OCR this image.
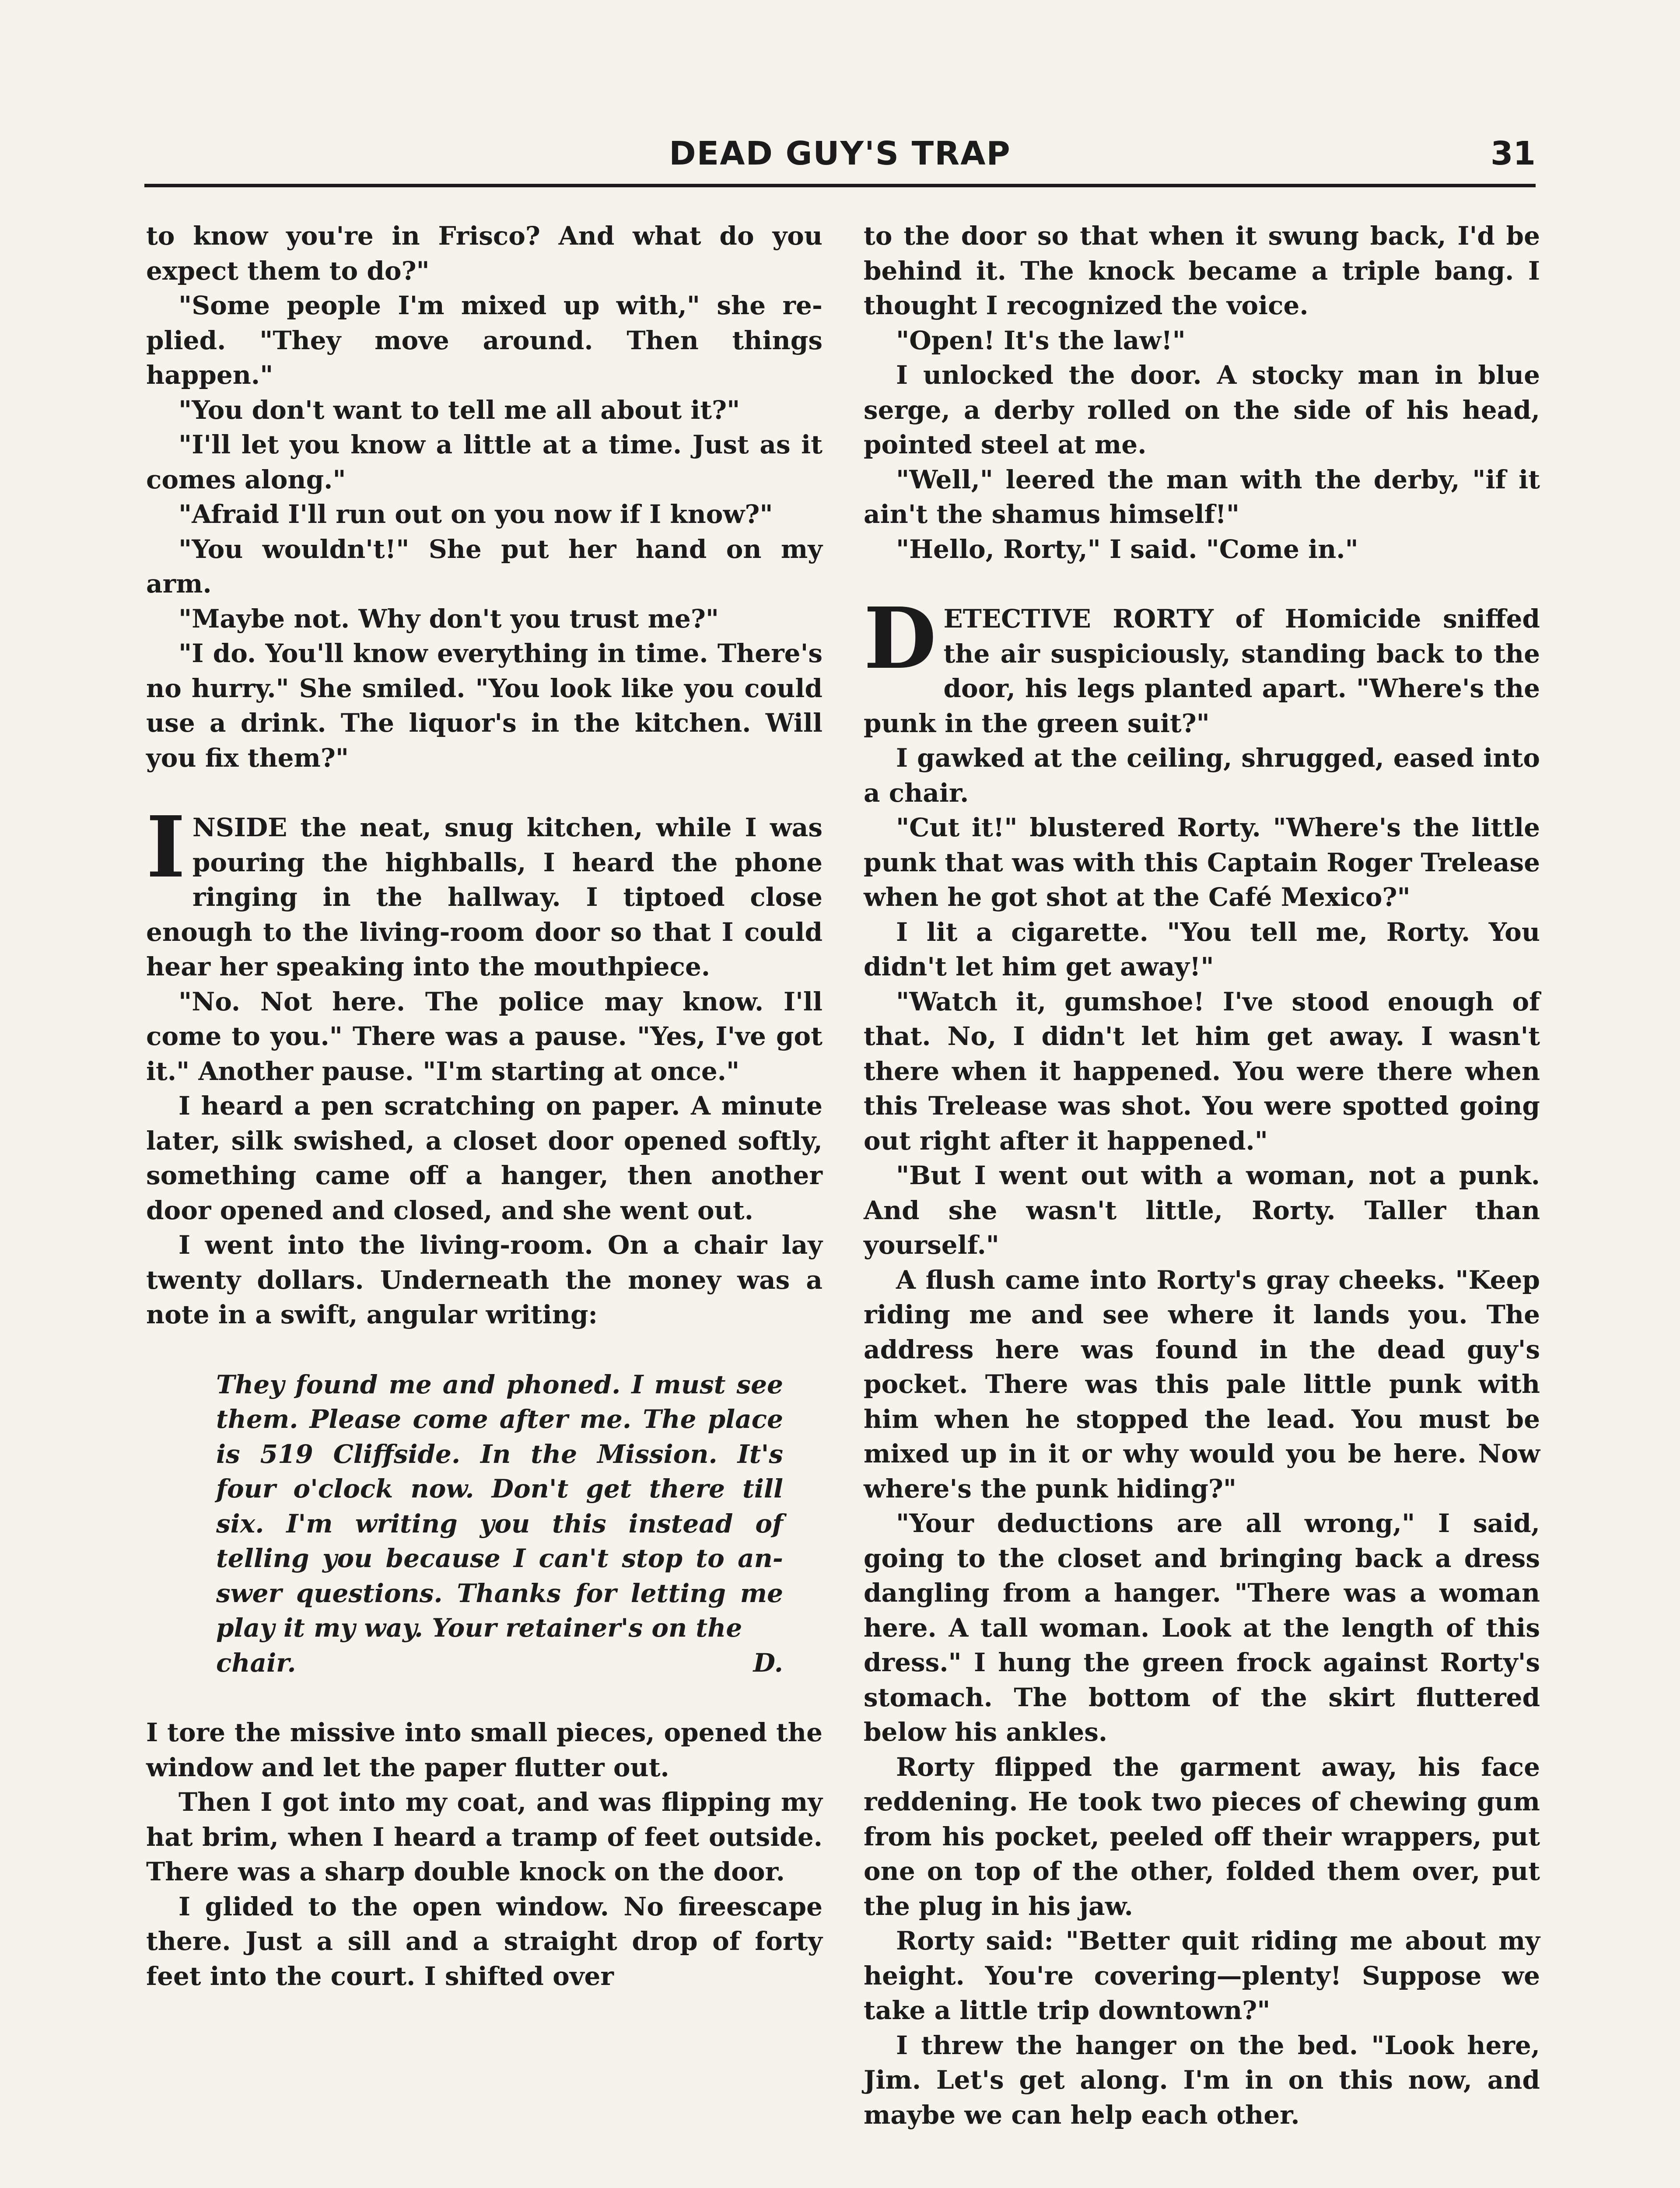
DEAD GUY'S TRAP	31

to know you're in Frisco? And what do you expect them to do?"

"Some people I'm mixed up with," she replied. "They move around. Then things happen."

"You don't want to tell me all about it?"

"I'll let you know a little at a time. Just as it comes along."

"Afraid I'll run out on you now if I know?"

"You wouldn't!" She put her hand on my arm.

"Maybe not. Why don't you trust me?"

"I do. You'll know everything in time. There's no hurry." She smiled. "You look like you could use a drink. The liquor's in the kitchen. Will you fix them?"

INSIDE the neat, snug kitchen, while I was pouring the highballs, I heard the phone ringing in the hallway. I tiptoed close enough to the living-room door so that I could hear her speaking into the mouthpiece.

"No. Not here. The police may know. I'll come to you." There was a pause. "Yes, I've got it." Another pause. "I'm starting at once."

I heard a pen scratching on paper. A minute later, silk swished, a closet door opened softly, something came off a hanger, then another door opened and closed, and she went out.

I went into the living-room. On a chair lay twenty dollars. Underneath the money was a note in a swift, angular writing:

They found me and phoned. I must see them. Please come after me. The place is 519 Cliffside. In the Mission. It's four o'clock now. Don't get there till six. I'm writing you this instead of telling you because I can't stop to answer questions. Thanks for letting me play it my way. Your retainer's on the
chair.	D.

I tore the missive into small pieces, opened the window and let the paper flutter out.

Then I got into my coat, and was flipping my hat brim, when I heard a tramp of feet outside. There was a sharp double knock on the door.

I glided to the open window. No fireescape there. Just a sill and a straight drop of forty feet into the court. I shifted over

to the door so that when it swung back, I'd be behind it. The knock became a triple bang. I thought I recognized the voice.

"Open! It's the law!"

I unlocked the door. A stocky man in blue serge, a derby rolled on the side of his head, pointed steel at me.

"Well," leered the man with the derby, "if it ain't the shamus himself!"

"Hello, Rorty," I said. "Come in."

DETECTIVE RORTY of Homicide sniffed the air suspiciously, standing back to the door, his legs planted apart. "Where's the punk in the green suit?"

I gawked at the ceiling, shrugged, eased into a chair.

"Cut it!" blustered Rorty. "Where's the little punk that was with this Captain Roger Trelease when he got shot at the Café Mexico?"

I lit a cigarette. "You tell me, Rorty. You didn't let him get away!"

"Watch it, gumshoe! I've stood enough of that. No, I didn't let him get away. I wasn't there when it happened. You were there when this Trelease was shot. You were spotted going out right after it happened."

"But I went out with a woman, not a punk. And she wasn't little, Rorty. Taller than yourself."

A flush came into Rorty's gray cheeks. "Keep riding me and see where it lands you. The address here was found in the dead guy's pocket. There was this pale little punk with him when he stopped the lead. You must be mixed up in it or why would you be here. Now where's the punk hiding?"

"Your deductions are all wrong," I said, going to the closet and bringing back a dress dangling from a hanger. "There was a woman here. A tall woman. Look at the length of this dress." I hung the green frock against Rorty's stomach. The bottom of the skirt fluttered below his ankles.

Rorty flipped the garment away, his face reddening. He took two pieces of chewing gum from his pocket, peeled off their wrappers, put one on top of the other, folded them over, put the plug in his jaw.

Rorty said: "Better quit riding me about my height. You're covering—plenty! Suppose we take a little trip downtown?"

I threw the hanger on the bed. "Look here, Jim. Let's get along. I'm in on this now, and maybe we can help each other.
